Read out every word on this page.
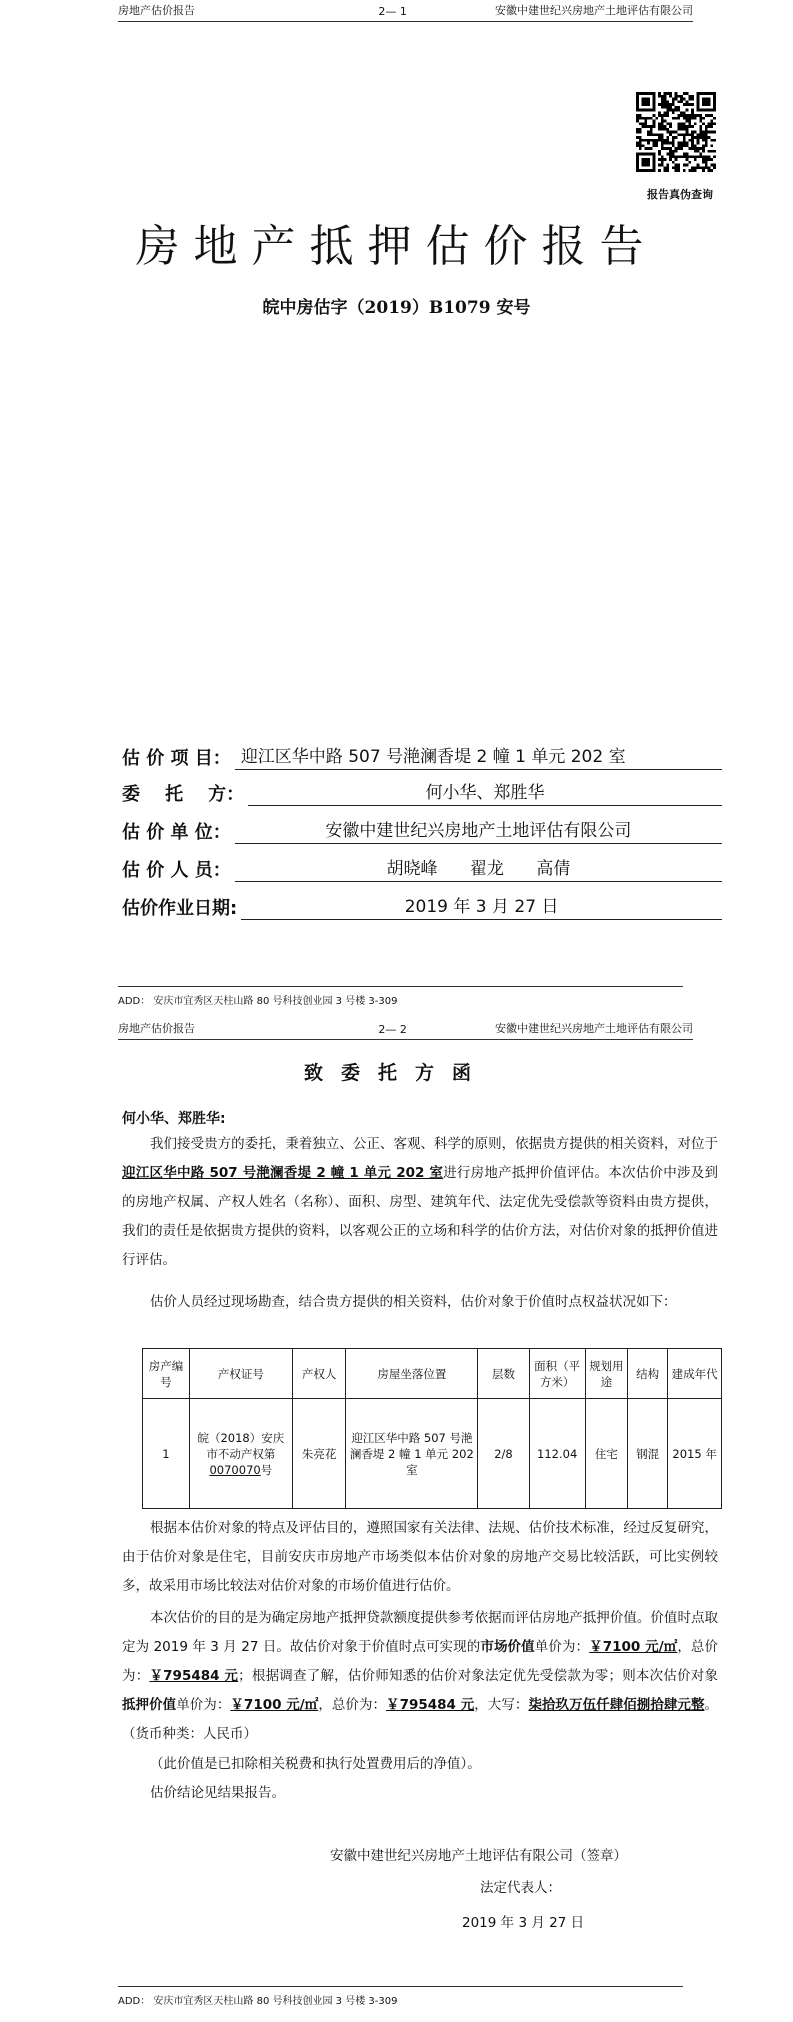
房地产估价报告	2— 1	安徽中建世纪兴房地产土地评估有限公司
报告真伪查询
房地产抵押估价报告
皖中房估字（2019）B1079 安号
估 价 项 目： 迎江区华中路 507 号滟澜香堤 2 幢 1 单元 202 室
委    托    方：	何小华、郑胜华
估 价 单 位：	安徽中建世纪兴房地产土地评估有限公司
估 价 人 员：	胡晓峰      翟龙      高倩
估价作业日期:	2019 年 3 月 27 日
ADD： 安庆市宜秀区天柱山路 80 号科技创业园 3 号楼 3-309
房地产估价报告	2— 2	安徽中建世纪兴房地产土地评估有限公司
致委托方函
何小华、郑胜华:
我们接受贵方的委托，秉着独立、公正、客观、科学的原则，依据贵方提供的相关资料，对位于迎江区华中路 507 号滟澜香堤 2 幢 1 单元 202 室进行房地产抵押价值评估。本次估价中涉及到的房地产权属、产权人姓名（名称）、面积、房型、建筑年代、法定优先受偿款等资料由贵方提供，我们的责任是依据贵方提供的资料，以客观公正的立场和科学的估价方法，对估价对象的抵押价值进行评估。
估价人员经过现场勘查，结合贵方提供的相关资料，估价对象于价值时点权益状况如下：
房产编号	产权证号	产权人	房屋坐落位置	层数	面积（平方米）	规划用途	结构	建成年代
1	皖（2018）安庆市不动产权第0070070号	朱亮花	迎江区华中路 507 号滟澜香堤 2 幢 1 单元 202 室	2/8	112.04	住宅	钢混	2015 年
根据本估价对象的特点及评估目的，遵照国家有关法律、法规、估价技术标准，经过反复研究，由于估价对象是住宅，目前安庆市房地产市场类似本估价对象的房地产交易比较活跃，可比实例较多，故采用市场比较法对估价对象的市场价值进行估价。
本次估价的目的是为确定房地产抵押贷款额度提供参考依据而评估房地产抵押价值。价值时点取定为 2019 年 3 月 27 日。故估价对象于价值时点可实现的市场价值单价为：￥7100 元/㎡，总价为：￥795484 元；根据调查了解，估价师知悉的估价对象法定优先受偿款为零；则本次估价对象抵押价值单价为：￥7100 元/㎡，总价为：￥795484 元，大写：柒拾玖万伍仟肆佰捌拾肆元整。（货币种类：人民币）
（此价值是已扣除相关税费和执行处置费用后的净值）。
估价结论见结果报告。
安徽中建世纪兴房地产土地评估有限公司（签章）
法定代表人：
2019 年 3 月 27 日
ADD： 安庆市宜秀区天柱山路 80 号科技创业园 3 号楼 3-309
